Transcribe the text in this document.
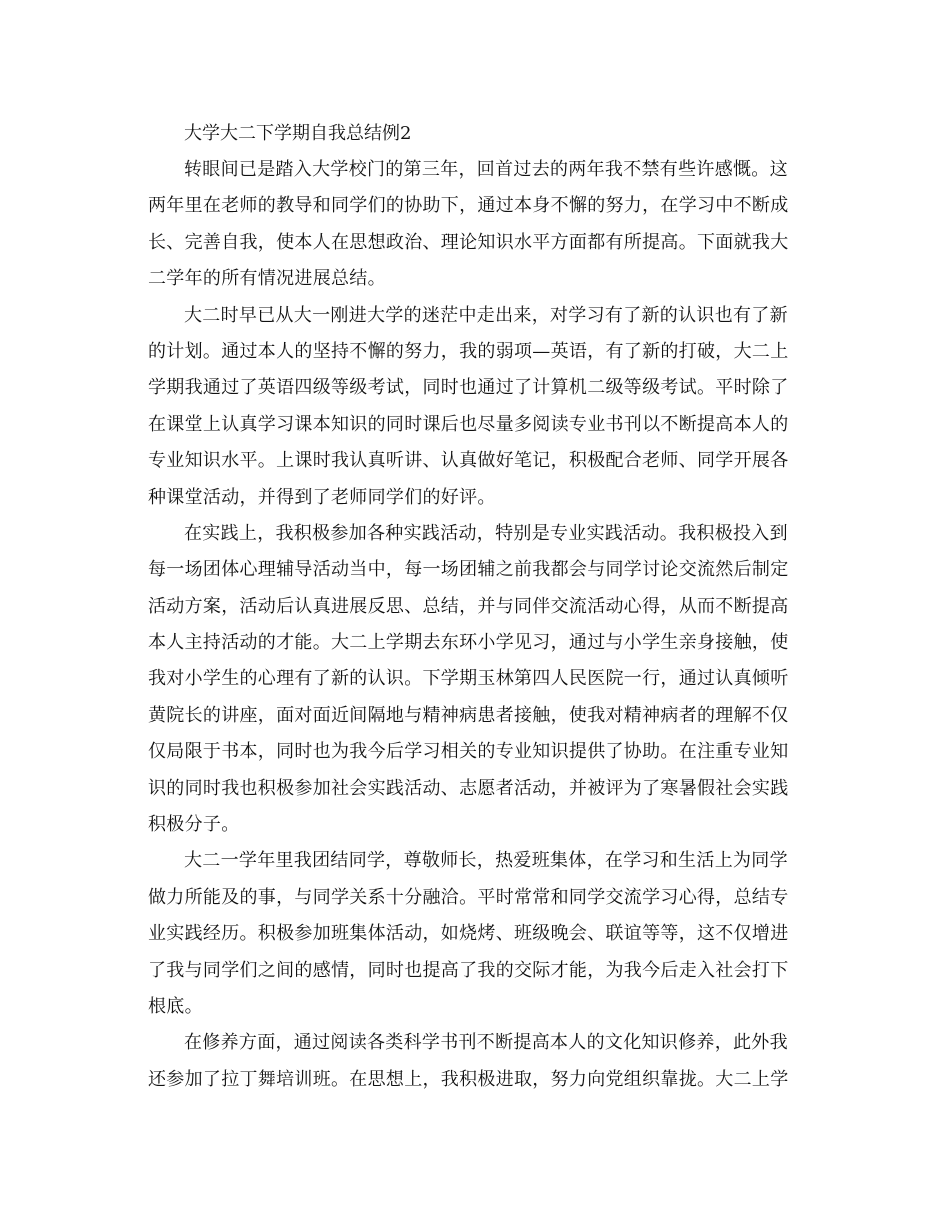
大学大二下学期自我总结例2
转眼间已是踏入大学校门的第三年，回首过去的两年我不禁有些许感慨。这
两年里在老师的教导和同学们的协助下，通过本身不懈的努力，在学习中不断成
长、完善自我，使本人在思想政治、理论知识水平方面都有所提高。下面就我大
二学年的所有情况进展总结。
大二时早已从大一刚进大学的迷茫中走出来，对学习有了新的认识也有了新
的计划。通过本人的坚持不懈的努力，我的弱项—英语，有了新的打破，大二上
学期我通过了英语四级等级考试，同时也通过了计算机二级等级考试。平时除了
在课堂上认真学习课本知识的同时课后也尽量多阅读专业书刊以不断提高本人的
专业知识水平。上课时我认真听讲、认真做好笔记，积极配合老师、同学开展各
种课堂活动，并得到了老师同学们的好评。
在实践上，我积极参加各种实践活动，特别是专业实践活动。我积极投入到
每一场团体心理辅导活动当中，每一场团辅之前我都会与同学讨论交流然后制定
活动方案，活动后认真进展反思、总结，并与同伴交流活动心得，从而不断提高
本人主持活动的才能。大二上学期去东环小学见习，通过与小学生亲身接触，使
我对小学生的心理有了新的认识。下学期玉林第四人民医院一行，通过认真倾听
黄院长的讲座，面对面近间隔地与精神病患者接触，使我对精神病者的理解不仅
仅局限于书本，同时也为我今后学习相关的专业知识提供了协助。在注重专业知
识的同时我也积极参加社会实践活动、志愿者活动，并被评为了寒暑假社会实践
积极分子。
大二一学年里我团结同学，尊敬师长，热爱班集体，在学习和生活上为同学
做力所能及的事，与同学关系十分融洽。平时常常和同学交流学习心得，总结专
业实践经历。积极参加班集体活动，如烧烤、班级晚会、联谊等等，这不仅增进
了我与同学们之间的感情，同时也提高了我的交际才能，为我今后走入社会打下
根底。
在修养方面，通过阅读各类科学书刊不断提高本人的文化知识修养，此外我
还参加了拉丁舞培训班。在思想上，我积极进取，努力向党组织靠拢。大二上学
